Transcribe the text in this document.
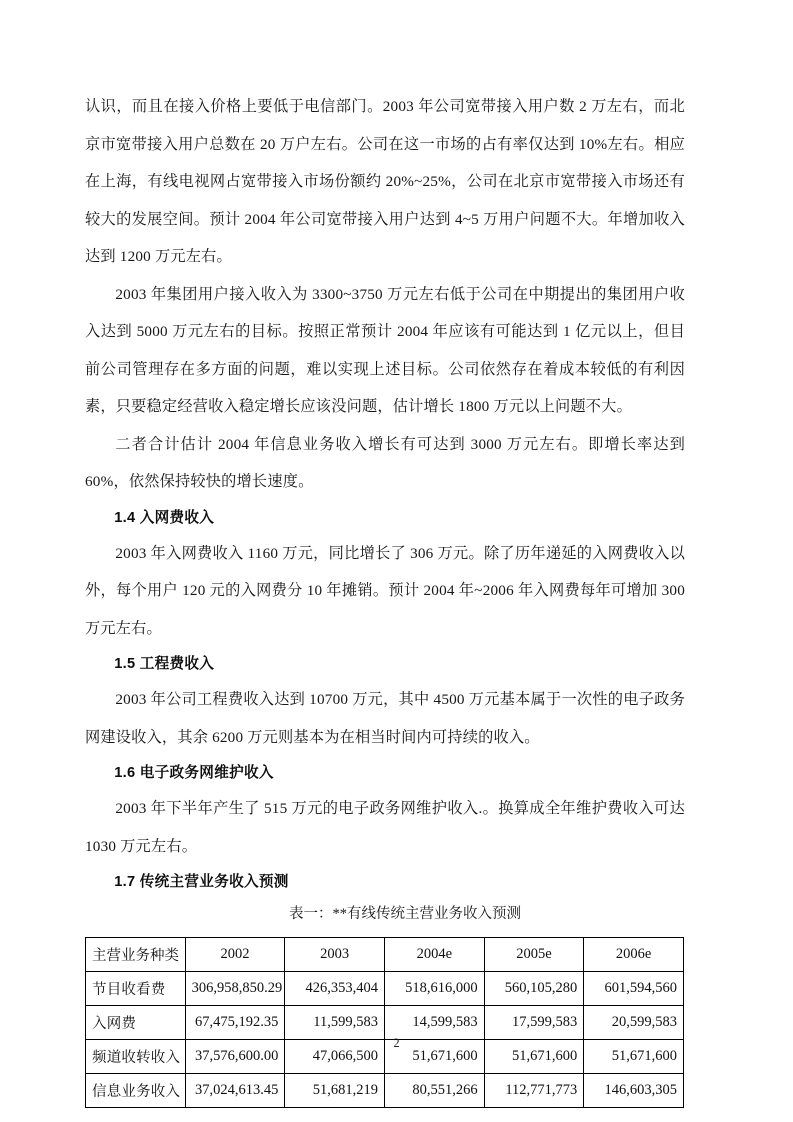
认识，而且在接入价格上要低于电信部门。2003 年公司宽带接入用户数 2 万左右，而北京市宽带接入用户总数在 20 万户左右。公司在这一市场的占有率仅达到 10%左右。相应在上海，有线电视网占宽带接入市场份额约 20%~25%，公司在北京市宽带接入市场还有较大的发展空间。预计 2004 年公司宽带接入用户达到 4~5 万用户问题不大。年增加收入达到 1200 万元左右。

2003 年集团用户接入收入为 3300~3750 万元左右低于公司在中期提出的集团用户收入达到 5000 万元左右的目标。按照正常预计 2004 年应该有可能达到 1 亿元以上，但目前公司管理存在多方面的问题，难以实现上述目标。公司依然存在着成本较低的有利因素，只要稳定经营收入稳定增长应该没问题，估计增长 1800 万元以上问题不大。

二者合计估计 2004 年信息业务收入增长有可达到 3000 万元左右。即增长率达到 60%，依然保持较快的增长速度。

1.4 入网费收入

2003 年入网费收入 1160 万元，同比增长了 306 万元。除了历年递延的入网费收入以外，每个用户 120 元的入网费分 10 年摊销。预计 2004 年~2006 年入网费每年可增加 300 万元左右。

1.5 工程费收入

2003 年公司工程费收入达到 10700 万元，其中 4500 万元基本属于一次性的电子政务网建设收入，其余 6200 万元则基本为在相当时间内可持续的收入。

1.6 电子政务网维护收入

2003 年下半年产生了 515 万元的电子政务网维护收入.。换算成全年维护费收入可达 1030 万元左右。

1.7 传统主营业务收入预测

表一：**有线传统主营业务收入预测

主营业务种类	2002	2003	2004e	2005e	2006e
节目收看费	306,958,850.29	426,353,404	518,616,000	560,105,280	601,594,560
入网费	67,475,192.35	11,599,583	14,599,583	17,599,583	20,599,583
频道收转收入	37,576,600.00	47,066,500	51,671,600	51,671,600	51,671,600
信息业务收入	37,024,613.45	51,681,219	80,551,266	112,771,773	146,603,305
2
